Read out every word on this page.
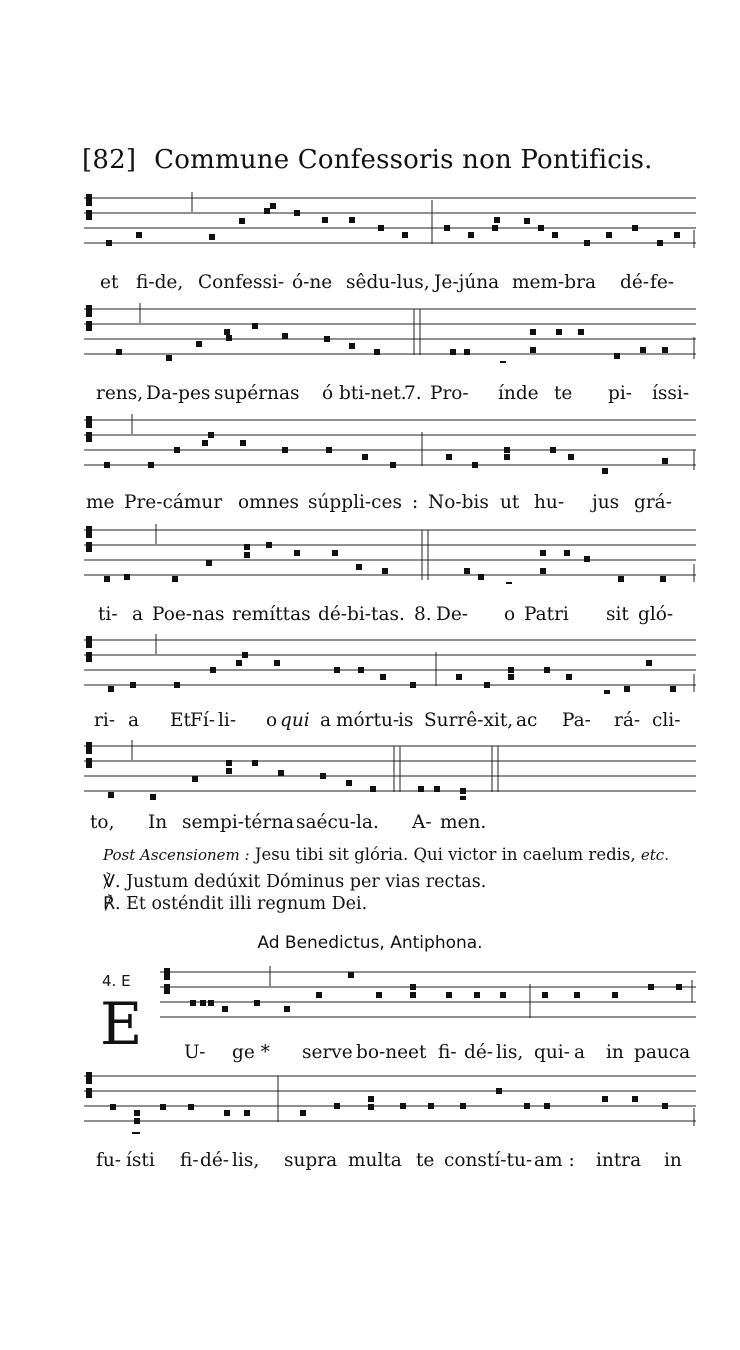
[82] Commune Confessoris non Pontificis.
et fi-de, Confessi- ó-ne sêdu-lus, Je-júna mem-bra dé- fe-
rens, Da-pes supérnas ó bti-net.
7. Pro- índe te pi- íssi-
me Pre-cámur omnes súppli-ces : No-bis ut hu- jus grá-
ti- a Poe-nas remíttas dé-bi-tas. 8. De- o Patri sit gló-
ri- a Et Fí- li- o qui a mórtu-
is Surrê-xit, ac Pa- rá- cli-
to, In sempi-térna saécu-la. A- men.
Post Ascensionem : Jesu tibi sit glória. Qui victor in caelum redis, etc.
℣. Justum dedúxit Dóminus per vias rectas.
℟. Et osténdit illi regnum Dei.
Ad Benedictus, Antiphona.
4. E
E U- ge * serve bo-ne et fi- dé- lis, qui- a in pauca
fu- ísti fi- dé- lis, supra multa te constí-tu- am : intra in
